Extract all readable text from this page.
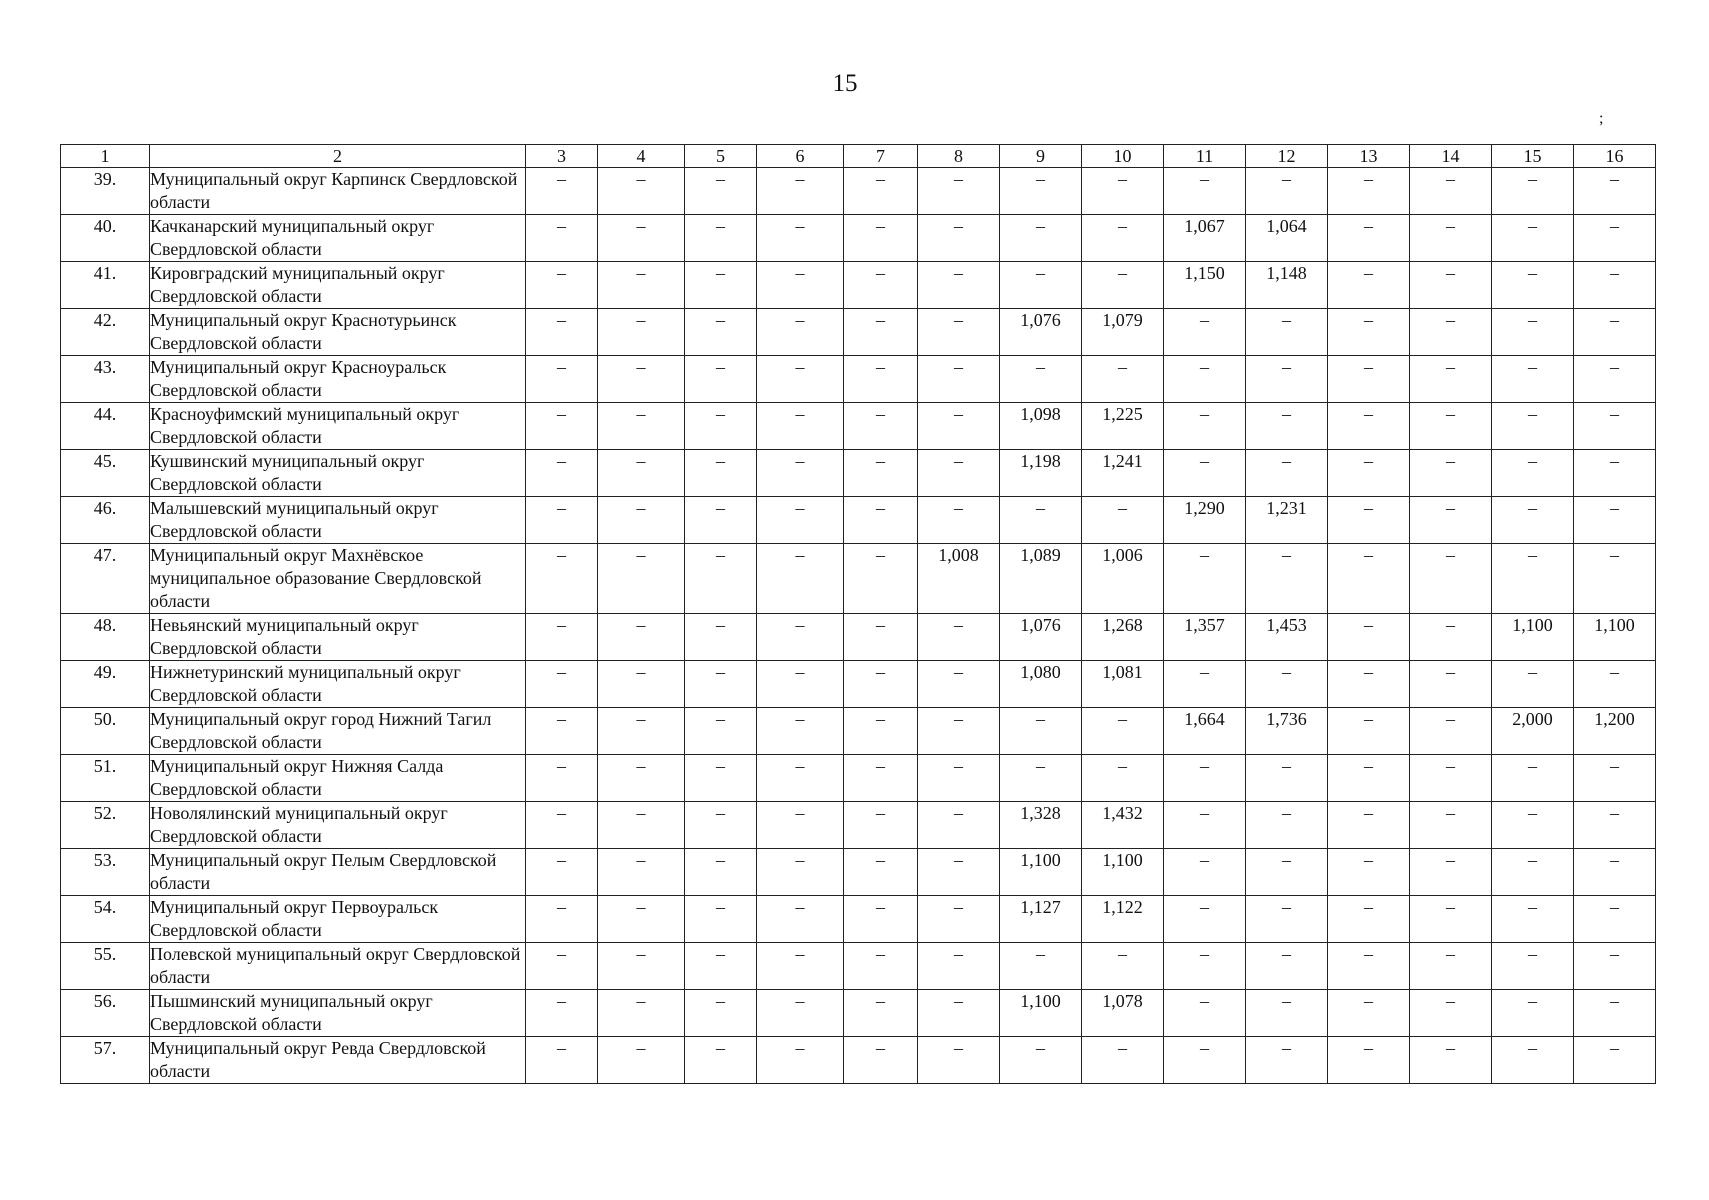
15
;
1	2	3	4	5	6	7	8	9	10	11	12	13	14	15	16
39.	Муниципальный округ Карпинск Свердловской области	–	–	–	–	–	–	–	–	–	–	–	–	–	–
40.	Качканарский муниципальный округ Свердловской области	–	–	–	–	–	–	–	–	1,067	1,064	–	–	–	–
41.	Кировградский муниципальный округ Свердловской области	–	–	–	–	–	–	–	–	1,150	1,148	–	–	–	–
42.	Муниципальный округ Краснотурьинск Свердловской области	–	–	–	–	–	–	1,076	1,079	–	–	–	–	–	–
43.	Муниципальный округ Красноуральск Свердловской области	–	–	–	–	–	–	–	–	–	–	–	–	–	–
44.	Красноуфимский муниципальный округ Свердловской области	–	–	–	–	–	–	1,098	1,225	–	–	–	–	–	–
45.	Кушвинский муниципальный округ Свердловской области	–	–	–	–	–	–	1,198	1,241	–	–	–	–	–	–
46.	Малышевский муниципальный округ Свердловской области	–	–	–	–	–	–	–	–	1,290	1,231	–	–	–	–
47.	Муниципальный округ Махнёвское муниципальное образование Свердловской области	–	–	–	–	–	1,008	1,089	1,006	–	–	–	–	–	–
48.	Невьянский муниципальный округ Свердловской области	–	–	–	–	–	–	1,076	1,268	1,357	1,453	–	–	1,100	1,100
49.	Нижнетуринский муниципальный округ Свердловской области	–	–	–	–	–	–	1,080	1,081	–	–	–	–	–	–
50.	Муниципальный округ город Нижний Тагил Свердловской области	–	–	–	–	–	–	–	–	1,664	1,736	–	–	2,000	1,200
51.	Муниципальный округ Нижняя Салда Свердловской области	–	–	–	–	–	–	–	–	–	–	–	–	–	–
52.	Новолялинский муниципальный округ Свердловской области	–	–	–	–	–	–	1,328	1,432	–	–	–	–	–	–
53.	Муниципальный округ Пелым Свердловской области	–	–	–	–	–	–	1,100	1,100	–	–	–	–	–	–
54.	Муниципальный округ Первоуральск Свердловской области	–	–	–	–	–	–	1,127	1,122	–	–	–	–	–	–
55.	Полевской муниципальный округ Свердловской области	–	–	–	–	–	–	–	–	–	–	–	–	–	–
56.	Пышминский муниципальный округ Свердловской области	–	–	–	–	–	–	1,100	1,078	–	–	–	–	–	–
57.	Муниципальный округ Ревда Свердловской области	–	–	–	–	–	–	–	–	–	–	–	–	–	–
